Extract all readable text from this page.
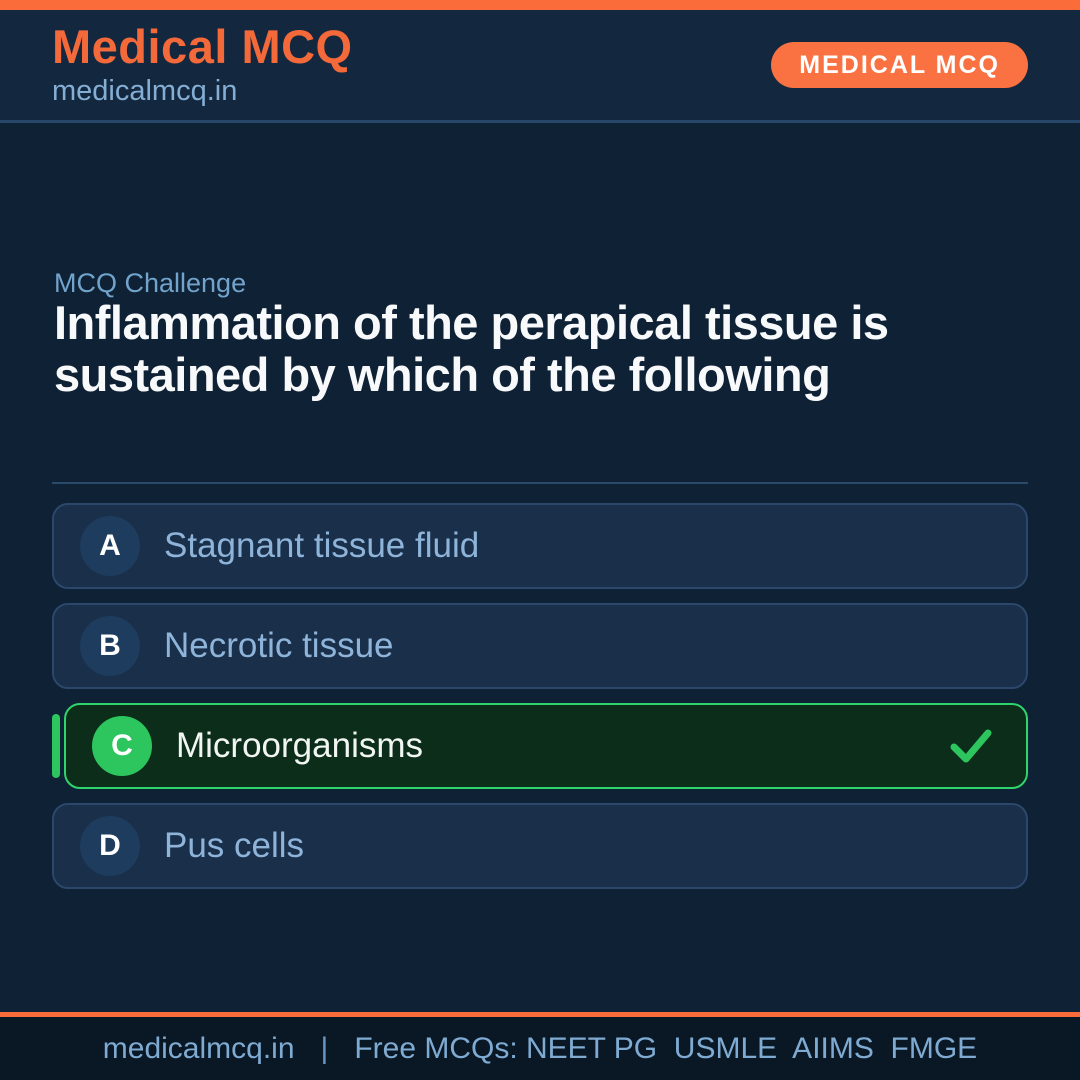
Medical MCQ
medicalmcq.in
MEDICAL MCQ
MCQ Challenge
Inflammation of the perapical tissue is sustained by which of the following
A	Stagnant tissue fluid
B	Necrotic tissue
C	Microorganisms
D	Pus cells
medicalmcq.in | Free MCQs: NEET PG  USMLE  AIIMS  FMGE
